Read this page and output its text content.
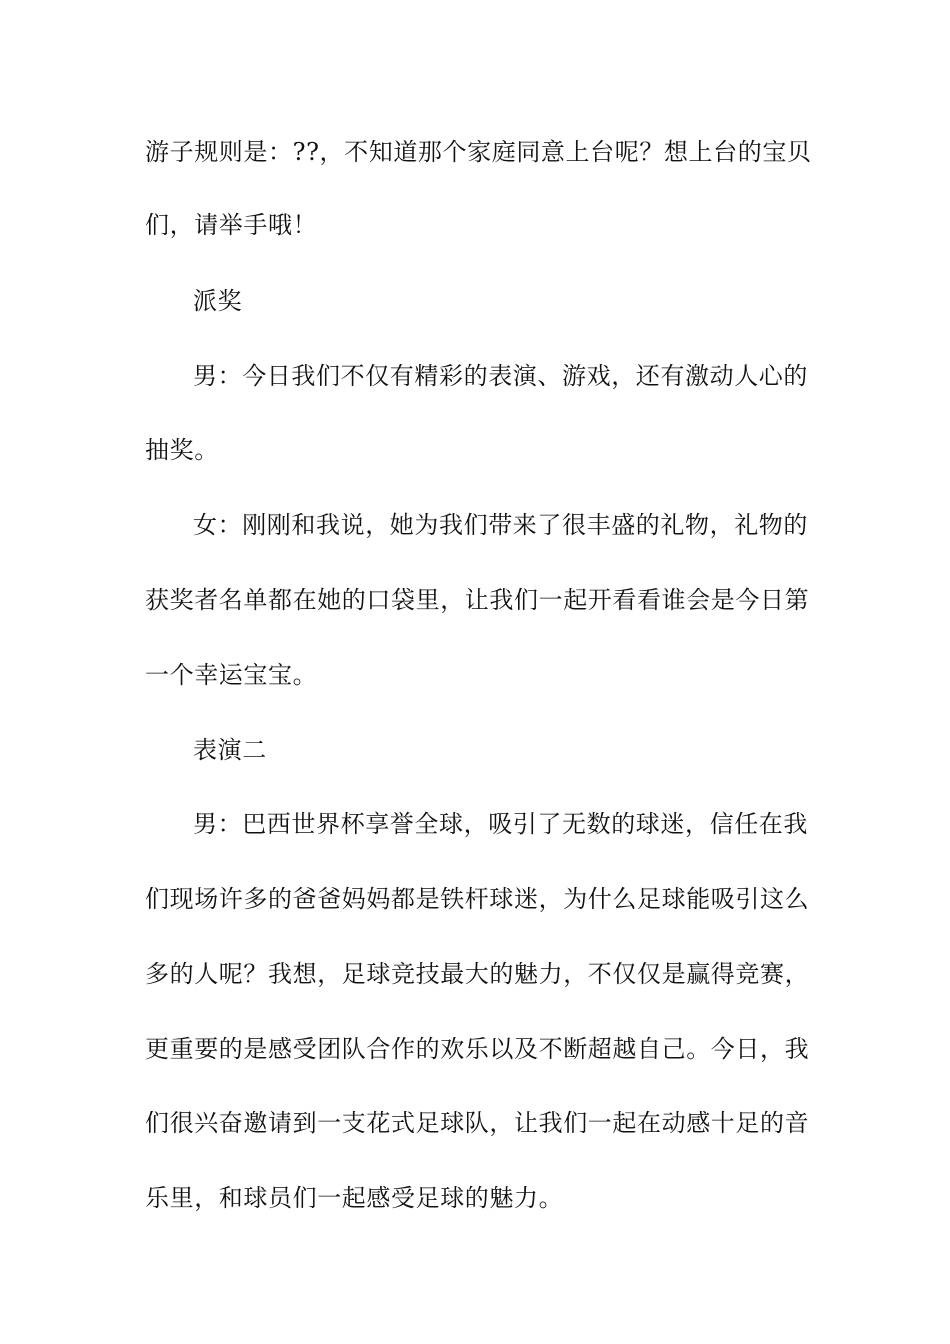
游子规则是：??，不知道那个家庭同意上台呢？想上台的宝贝
们，请举手哦！
派奖
男：今日我们不仅有精彩的表演、游戏，还有激动人心的
抽奖。
女：刚刚和我说，她为我们带来了很丰盛的礼物，礼物的
获奖者名单都在她的口袋里，让我们一起开看看谁会是今日第
一个幸运宝宝。
表演二
男：巴西世界杯享誉全球，吸引了无数的球迷，信任在我
们现场许多的爸爸妈妈都是铁杆球迷，为什么足球能吸引这么
多的人呢？我想，足球竞技最大的魅力，不仅仅是赢得竞赛，
更重要的是感受团队合作的欢乐以及不断超越自己。今日，我
们很兴奋邀请到一支花式足球队，让我们一起在动感十足的音
乐里，和球员们一起感受足球的魅力。
